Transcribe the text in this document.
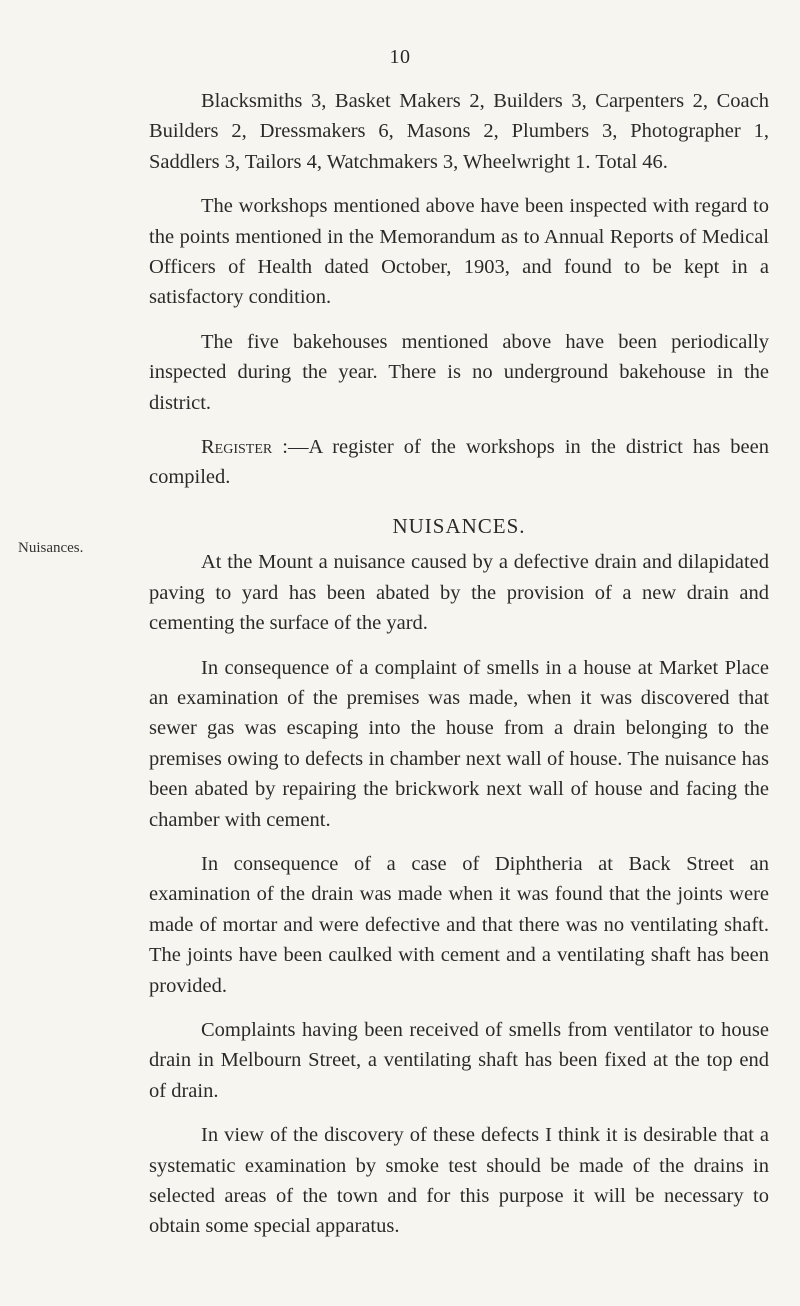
10
Nuisances.

Blacksmiths 3, Basket Makers 2, Builders 3, Carpenters 2, Coach Builders 2, Dressmakers 6, Masons 2, Plumbers 3, Photographer 1, Saddlers 3, Tailors 4, Watchmakers 3, Wheelwright 1. Total 46.

The workshops mentioned above have been inspected with regard to the points mentioned in the Memorandum as to Annual Reports of Medical Officers of Health dated October, 1903, and found to be kept in a satisfactory condition.

The five bakehouses mentioned above have been periodically inspected during the year. There is no underground bakehouse in the district.

Register :—A register of the workshops in the district has been compiled.

NUISANCES.

At the Mount a nuisance caused by a defective drain and dilapidated paving to yard has been abated by the provision of a new drain and cementing the surface of the yard.

In consequence of a complaint of smells in a house at Market Place an examination of the premises was made, when it was discovered that sewer gas was escaping into the house from a drain belonging to the premises owing to defects in chamber next wall of house. The nuisance has been abated by repairing the brickwork next wall of house and facing the chamber with cement.

In consequence of a case of Diphtheria at Back Street an examination of the drain was made when it was found that the joints were made of mortar and were defective and that there was no ventilating shaft. The joints have been caulked with cement and a ventilating shaft has been provided.

Complaints having been received of smells from ventilator to house drain in Melbourn Street, a ventilating shaft has been fixed at the top end of drain.

In view of the discovery of these defects I think it is desirable that a systematic examination by smoke test should be made of the drains in selected areas of the town and for this purpose it will be necessary to obtain some special apparatus.
